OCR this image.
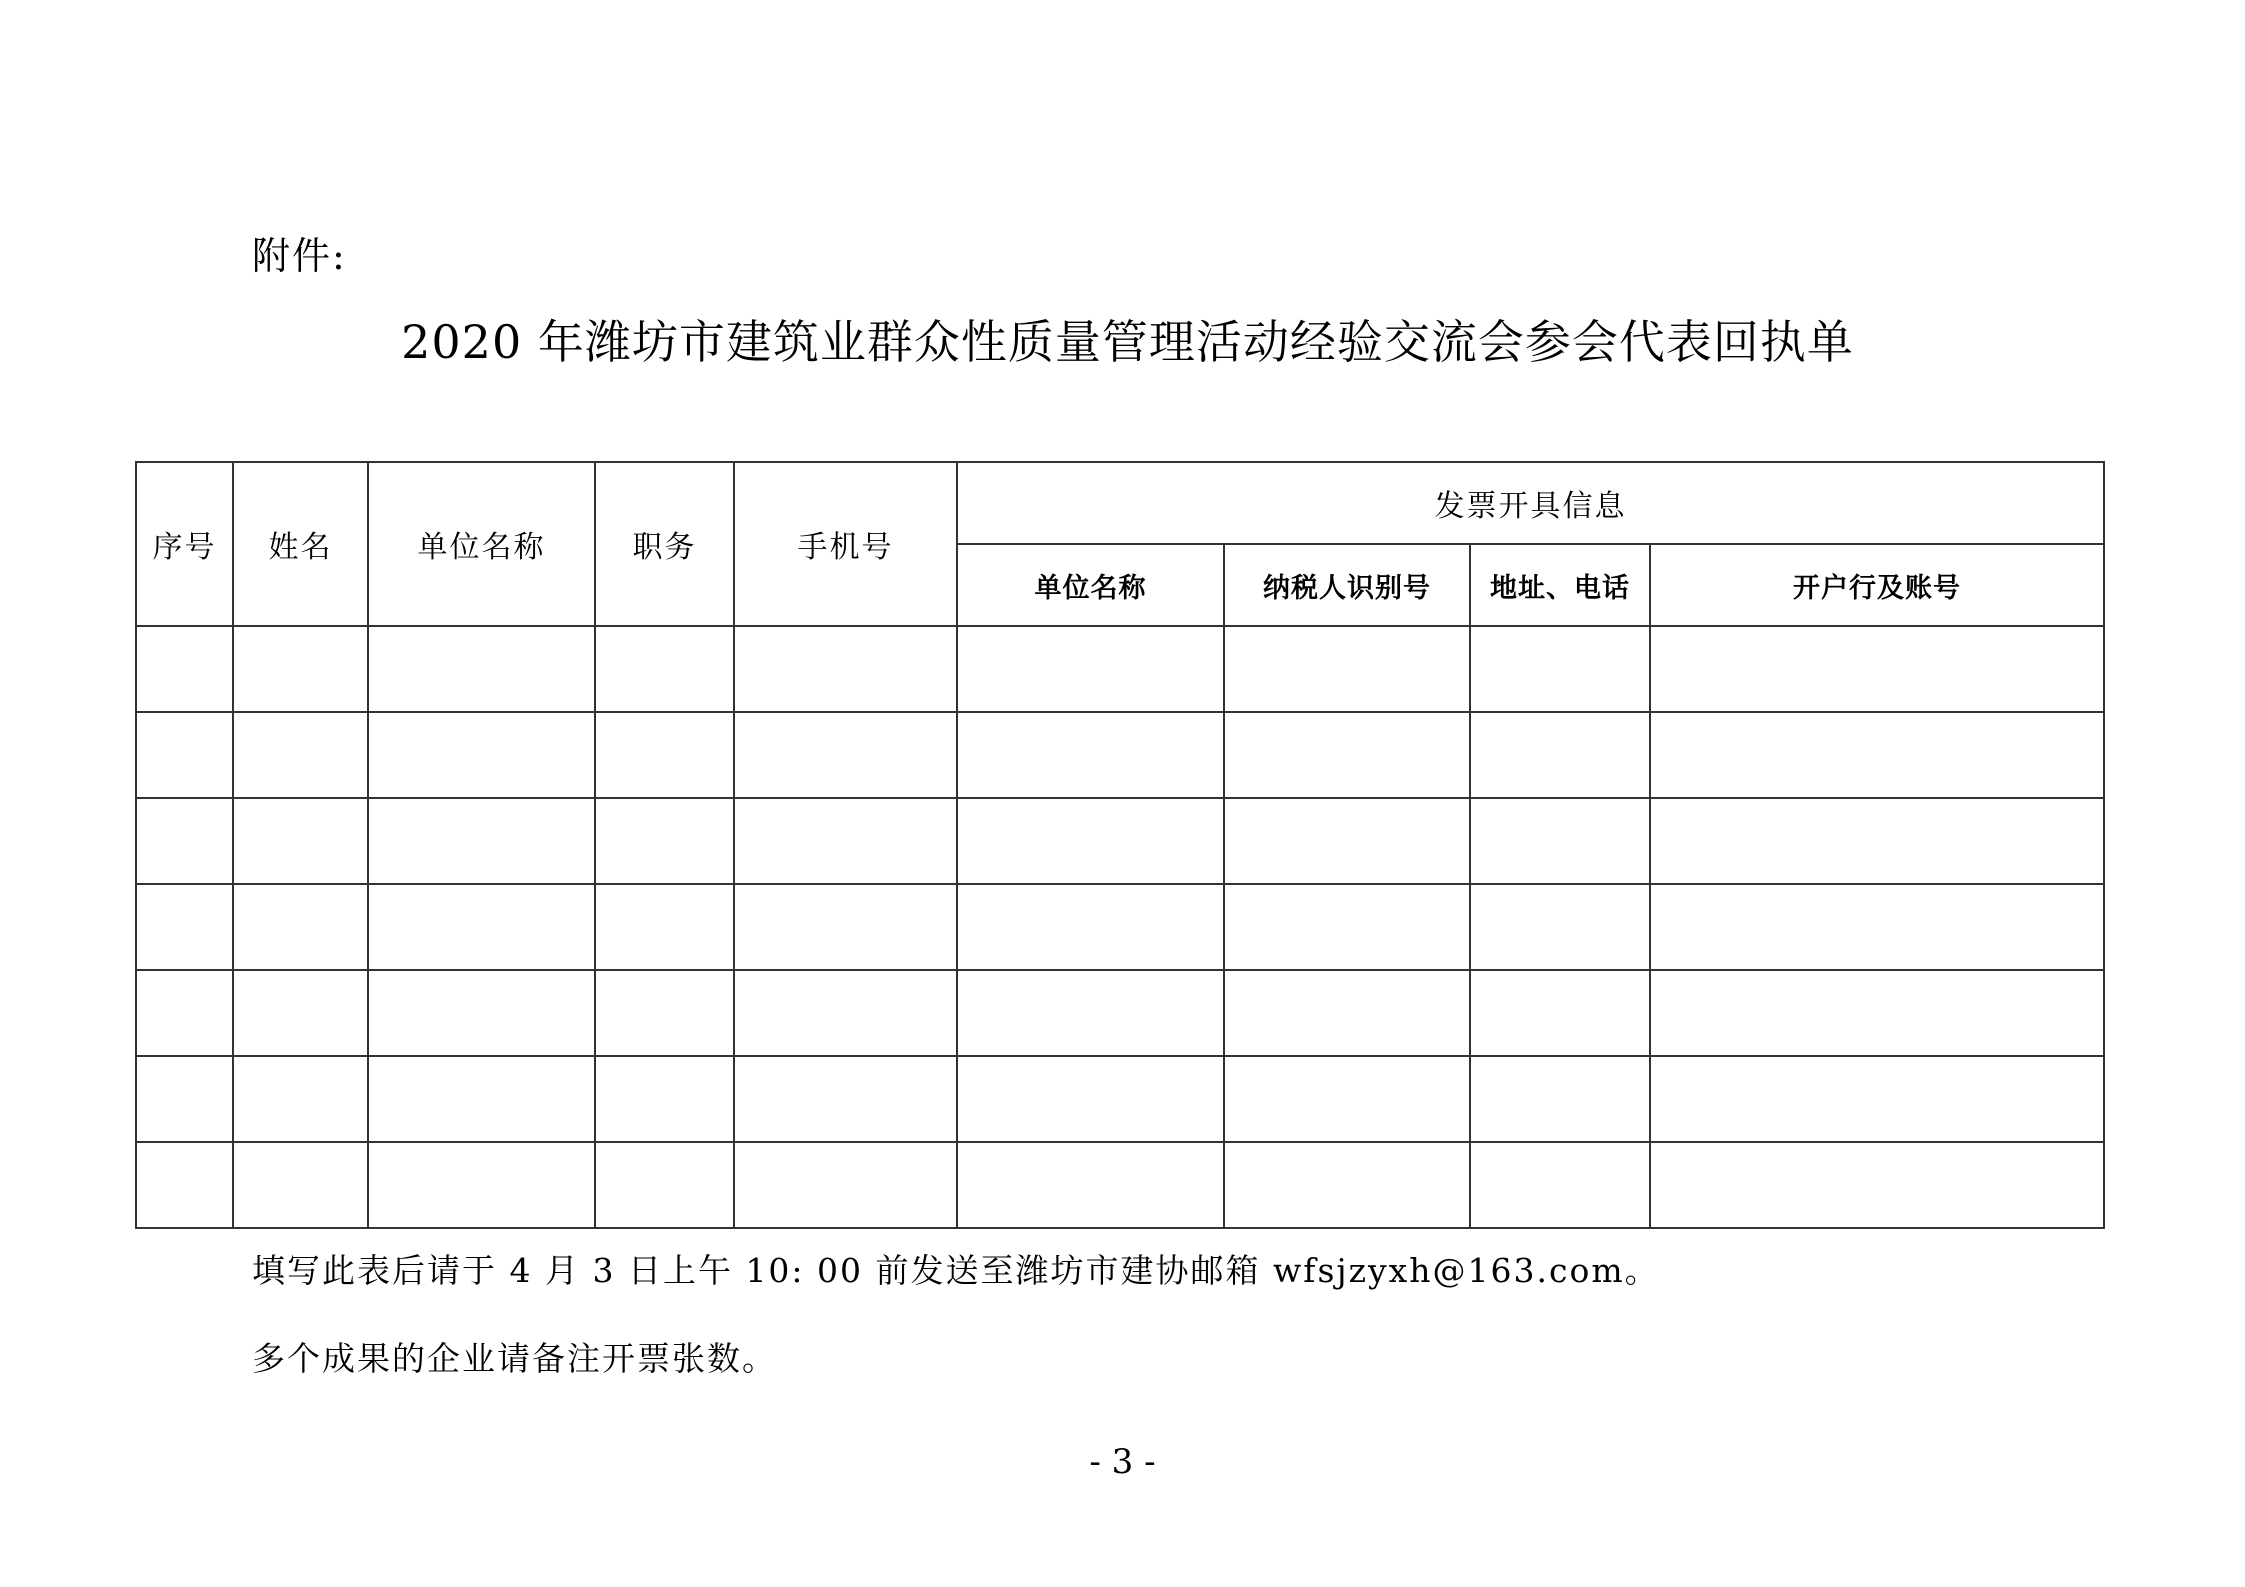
附件:
2020 年潍坊市建筑业群众性质量管理活动经验交流会参会代表回执单
序号	姓名	单位名称	职务	手机号	发票开具信息			
					单位名称	纳税人识别号	地址、电话	开户行及账号

填写此表后请于 4 月 3 日上午 10: 00 前发送至潍坊市建协邮箱 wfsjzyxh@163.com。
多个成果的企业请备注开票张数。
- 3 -
